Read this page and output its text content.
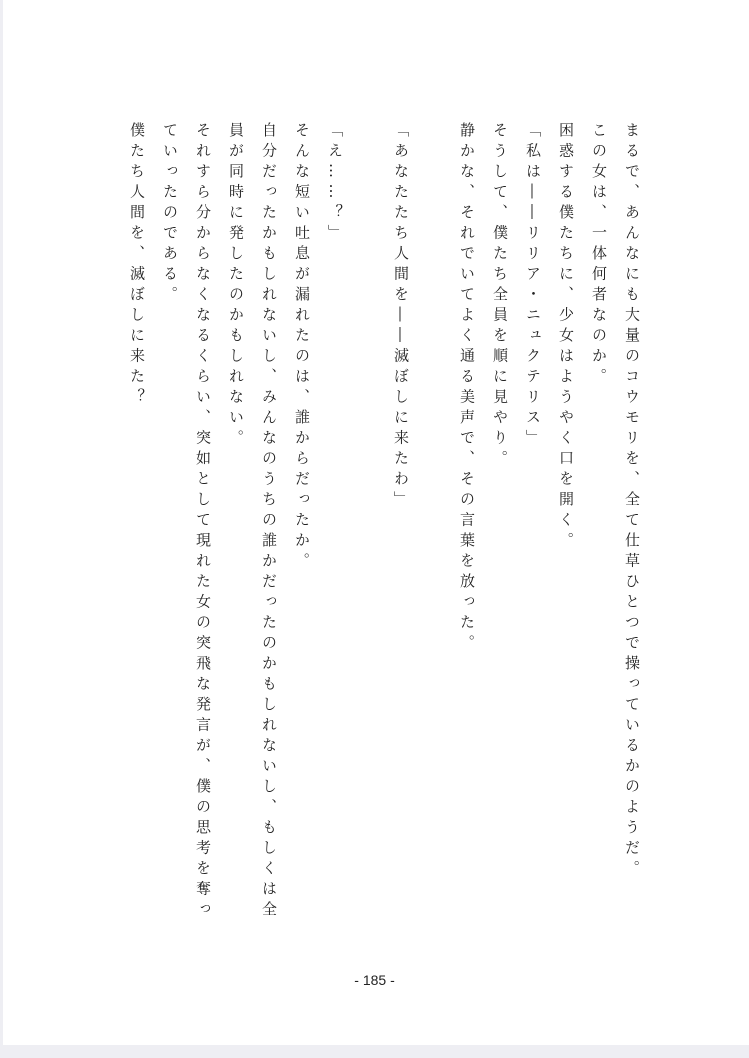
まるで、あんなにも大量のコウモリを、全て仕草ひとつで操っているかのようだ。
この女は、一体何者なのか。
困惑する僕たちに、少女はようやく口を開く。
「私は――リリア・ニュクテリス」
そうして、僕たち全員を順に見やり。
静かな、それでいてよく通る美声で、その言葉を放った。
「あなたたち人間を――滅ぼしに来たわ」
「え……？」
そんな短い吐息が漏れたのは、誰からだったか。
自分だったかもしれないし、みんなのうちの誰かだったのかもしれないし、もしくは全
員が同時に発したのかもしれない。
それすら分からなくなるくらい、突如として現れた女の突飛な発言が、僕の思考を奪っ
ていったのである。
僕たち人間を、滅ぼしに来た？
- 185 -
